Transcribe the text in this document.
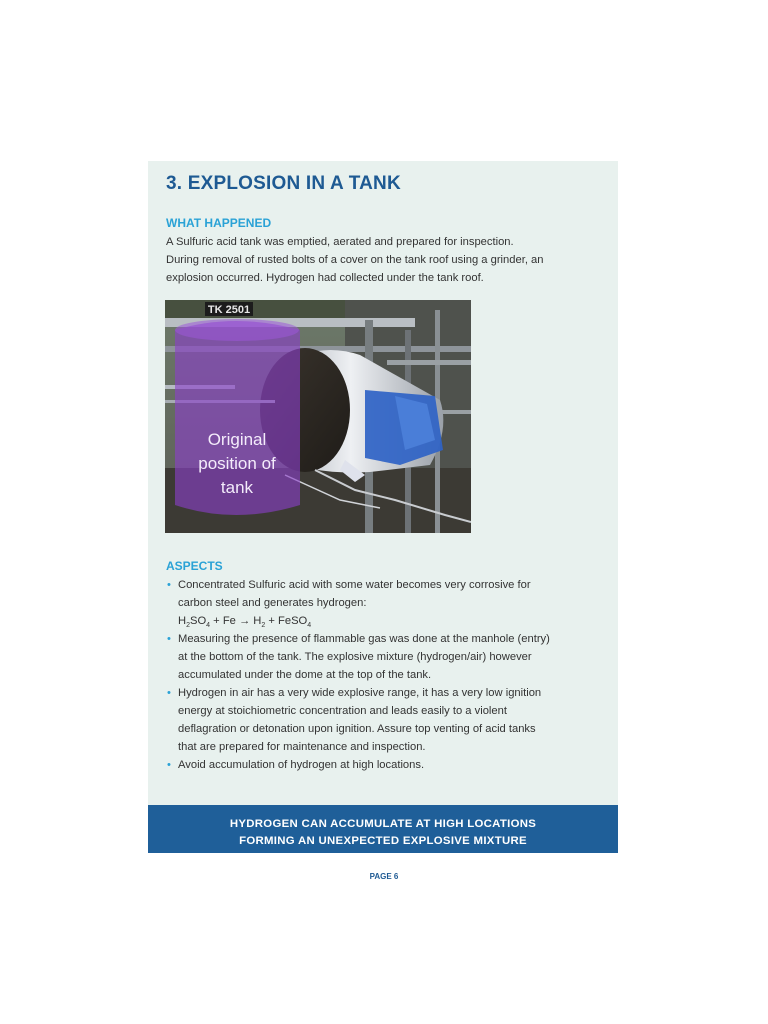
3. EXPLOSION IN A TANK
WHAT HAPPENED

A Sulfuric acid tank was emptied, aerated and prepared for inspection.
During removal of rusted bolts of a cover on the tank roof using a grinder, an
explosion occurred. Hydrogen had collected under the tank roof.

TK 2501
Original
position of
tank
ASPECTS
• Concentrated Sulfuric acid with some water becomes very corrosive for
carbon steel and generates hydrogen:
$H_2SO_4 + Fe \to H_2$ + FeSO$_4$
• Measuring the presence of flammable gas was done at the manhole (entry)
at the bottom of the tank. The explosive mixture (hydrogen/air) however
accumulated under the dome at the top of the tank.
• Hydrogen in air has a very wide explosive range, it has a very low ignition
energy at stoichiometric concentration and leads easily to a violent
deflagration or detonation upon ignition. Assure top venting of acid tanks
that are prepared for maintenance and inspection.
• Avoid accumulation of hydrogen at high locations.
HYDROGEN CAN ACCUMULATE AT HIGH LOCATIONS
FORMING AN UNEXPECTED EXPLOSIVE MIXTURE
PAGE 6
